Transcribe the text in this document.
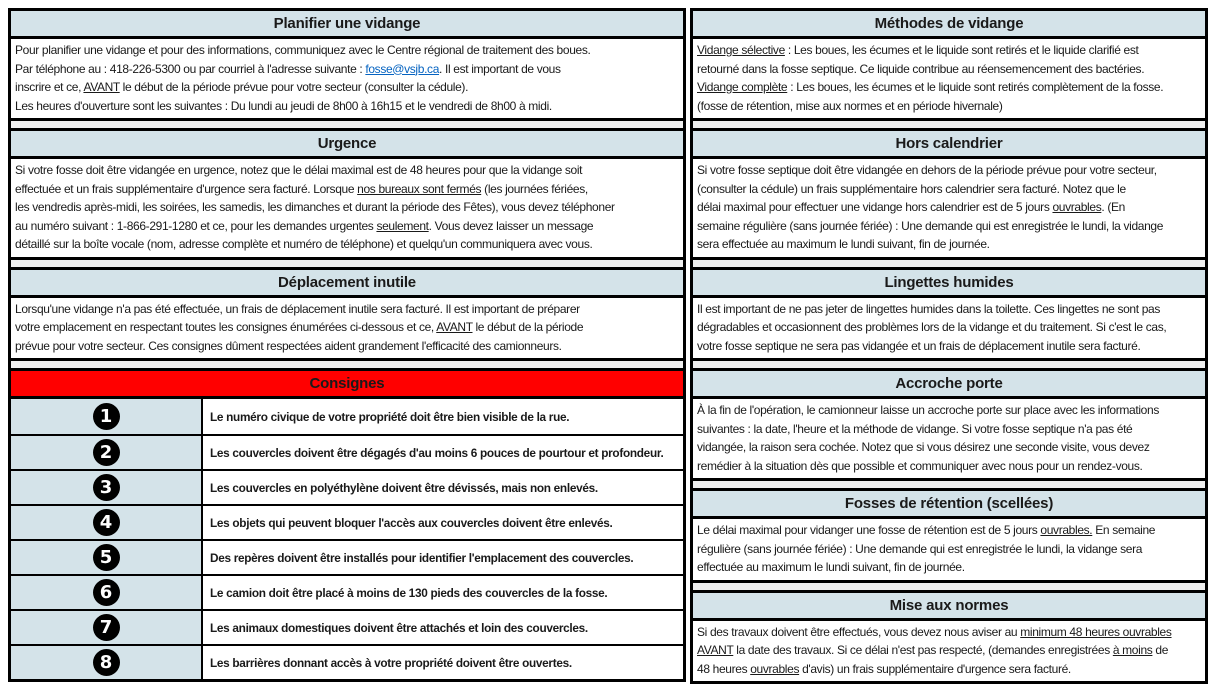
Planifier une vidange
Pour planifier une vidange et pour des informations, communiquez avec le Centre régional de traitement des boues.
Par téléphone au : 418-226-5300 ou par courriel à l'adresse suivante : fosse@vsjb.ca. Il est important de vous
inscrire et ce, AVANT le début de la période prévue pour votre secteur (consulter la cédule).
Les heures d'ouverture sont les suivantes : Du lundi au jeudi de 8h00 à 16h15 et le vendredi de 8h00 à midi.
Urgence
Si votre fosse doit être vidangée en urgence, notez que le délai maximal est de 48 heures pour que la vidange soit
effectuée et un frais supplémentaire d'urgence sera facturé. Lorsque nos bureaux sont fermés (les journées fériées,
les vendredis après-midi, les soirées, les samedis, les dimanches et durant la période des Fêtes), vous devez téléphoner
au numéro suivant : 1-866-291-1280 et ce, pour les demandes urgentes seulement. Vous devez laisser un message
détaillé sur la boîte vocale (nom, adresse complète et numéro de téléphone) et quelqu'un communiquera avec vous.
Déplacement inutile
Lorsqu'une vidange n'a pas été effectuée, un frais de déplacement inutile sera facturé. Il est important de préparer
votre emplacement en respectant toutes les consignes énumérées ci-dessous et ce, AVANT le début de la période
prévue pour votre secteur. Ces consignes dûment respectées aident grandement l'efficacité des camionneurs.
Consignes
1	Le numéro civique de votre propriété doit être bien visible de la rue.
2	Les couvercles doivent être dégagés d'au moins 6 pouces de pourtour et profondeur.
3	Les couvercles en polyéthylène doivent être dévissés, mais non enlevés.
4	Les objets qui peuvent bloquer l'accès aux couvercles doivent être enlevés.
5	Des repères doivent être installés pour identifier l'emplacement des couvercles.
6	Le camion doit être placé à moins de 130 pieds des couvercles de la fosse.
7	Les animaux domestiques doivent être attachés et loin des couvercles.
8	Les barrières donnant accès à votre propriété doivent être ouvertes.
Méthodes de vidange
Vidange sélective : Les boues, les écumes et le liquide sont retirés et le liquide clarifié est
retourné dans la fosse septique. Ce liquide contribue au réensemencement des bactéries.
Vidange complète : Les boues, les écumes et le liquide sont retirés complètement de la fosse.
(fosse de rétention, mise aux normes et en période hivernale)
Hors calendrier
Si votre fosse septique doit être vidangée en dehors de la période prévue pour votre secteur,
(consulter la cédule) un frais supplémentaire hors calendrier sera facturé. Notez que le
délai maximal pour effectuer une vidange hors calendrier est de 5 jours ouvrables. (En
semaine régulière (sans journée fériée) : Une demande qui est enregistrée le lundi, la vidange
sera effectuée au maximum le lundi suivant, fin de journée.
Lingettes humides
Il est important de ne pas jeter de lingettes humides dans la toilette. Ces lingettes ne sont pas
dégradables et occasionnent des problèmes lors de la vidange et du traitement. Si c'est le cas,
votre fosse septique ne sera pas vidangée et un frais de déplacement inutile sera facturé.
Accroche porte
À la fin de l'opération, le camionneur laisse un accroche porte sur place avec les informations
suivantes : la date, l'heure et la méthode de vidange. Si votre fosse septique n'a pas été
vidangée, la raison sera cochée. Notez que si vous désirez une seconde visite, vous devez
remédier à la situation dès que possible et communiquer avec nous pour un rendez-vous.
Fosses de rétention (scellées)
Le délai maximal pour vidanger une fosse de rétention est de 5 jours ouvrables. En semaine
régulière (sans journée fériée) : Une demande qui est enregistrée le lundi, la vidange sera
effectuée au maximum le lundi suivant, fin de journée.
Mise aux normes
Si des travaux doivent être effectués, vous devez nous aviser au minimum 48 heures ouvrables
AVANT la date des travaux. Si ce délai n'est pas respecté, (demandes enregistrées à moins de
48 heures ouvrables d'avis) un frais supplémentaire d'urgence sera facturé.
